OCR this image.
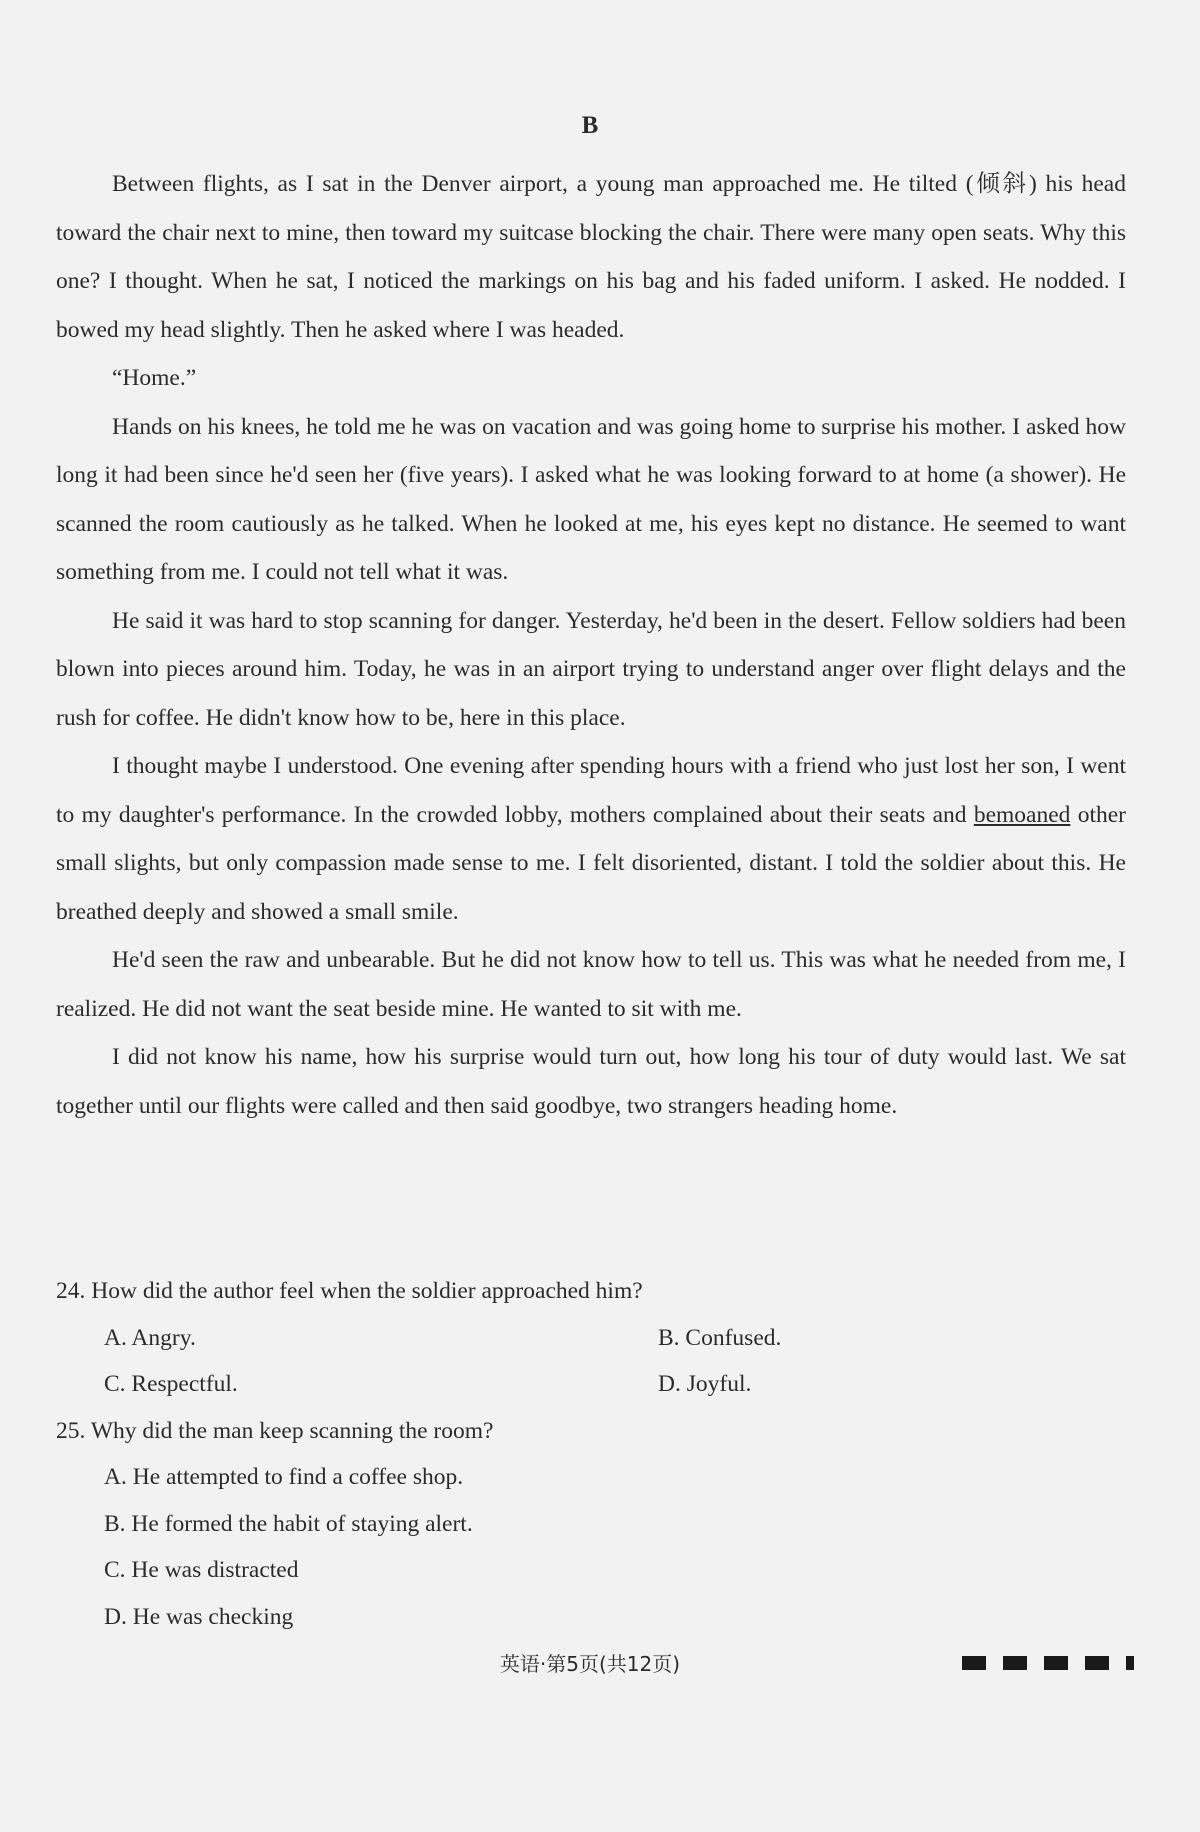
B

Between flights, as I sat in the Denver airport, a young man approached me. He tilted (倾斜) his head toward the chair next to mine, then toward my suitcase blocking the chair. There were many open seats. Why this one? I thought. When he sat, I noticed the markings on his bag and his faded uniform. I asked. He nodded. I bowed my head slightly. Then he asked where I was headed.

“Home.”

Hands on his knees, he told me he was on vacation and was going home to surprise his mother. I asked how long it had been since he'd seen her (five years). I asked what he was looking forward to at home (a shower). He scanned the room cautiously as he talked. When he looked at me, his eyes kept no distance. He seemed to want something from me. I could not tell what it was.

He said it was hard to stop scanning for danger. Yesterday, he'd been in the desert. Fellow soldiers had been blown into pieces around him. Today, he was in an airport trying to understand anger over flight delays and the rush for coffee. He didn't know how to be, here in this place.

I thought maybe I understood. One evening after spending hours with a friend who just lost her son, I went to my daughter's performance. In the crowded lobby, mothers complained about their seats and bemoaned other small slights, but only compassion made sense to me. I felt disoriented, distant. I told the soldier about this. He breathed deeply and showed a small smile.

He'd seen the raw and unbearable. But he did not know how to tell us. This was what he needed from me, I realized. He did not want the seat beside mine. He wanted to sit with me.

I did not know his name, how his surprise would turn out, how long his tour of duty would last. We sat together until our flights were called and then said goodbye, two strangers heading home.

24. How did the author feel when the soldier approached him?

A. Angry.	B. Confused.

C. Respectful.	D. Joyful.

25. Why did the man keep scanning the room?

A. He attempted to find a coffee shop.

B. He formed the habit of staying alert.

C. He was distracted

D. He was checking

英语·第5页(共12页)
